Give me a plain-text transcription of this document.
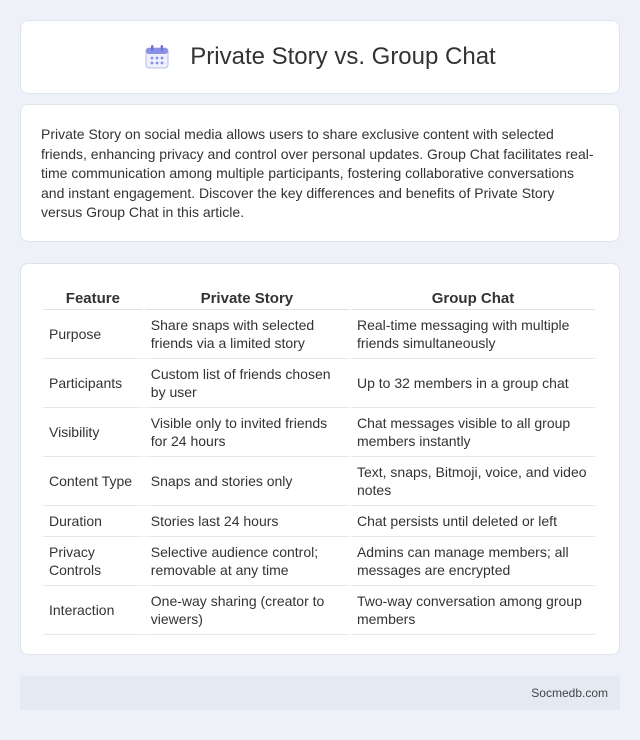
Private Story vs. Group Chat

Private Story on social media allows users to share exclusive content with selected friends, enhancing privacy and control over personal updates. Group Chat facilitates real-time communication among multiple participants, fostering collaborative conversations and instant engagement. Discover the key differences and benefits of Private Story versus Group Chat in this article.

Feature	Private Story	Group Chat
Purpose	Share snaps with selected friends via a limited story	Real-time messaging with multiple friends simultaneously
Participants	Custom list of friends chosen by user	Up to 32 members in a group chat
Visibility	Visible only to invited friends for 24 hours	Chat messages visible to all group members instantly
Content Type	Snaps and stories only	Text, snaps, Bitmoji, voice, and video notes
Duration	Stories last 24 hours	Chat persists until deleted or left
Privacy Controls	Selective audience control; removable at any time	Admins can manage members; all messages are encrypted
Interaction	One-way sharing (creator to viewers)	Two-way conversation among group members
Socmedb.com
